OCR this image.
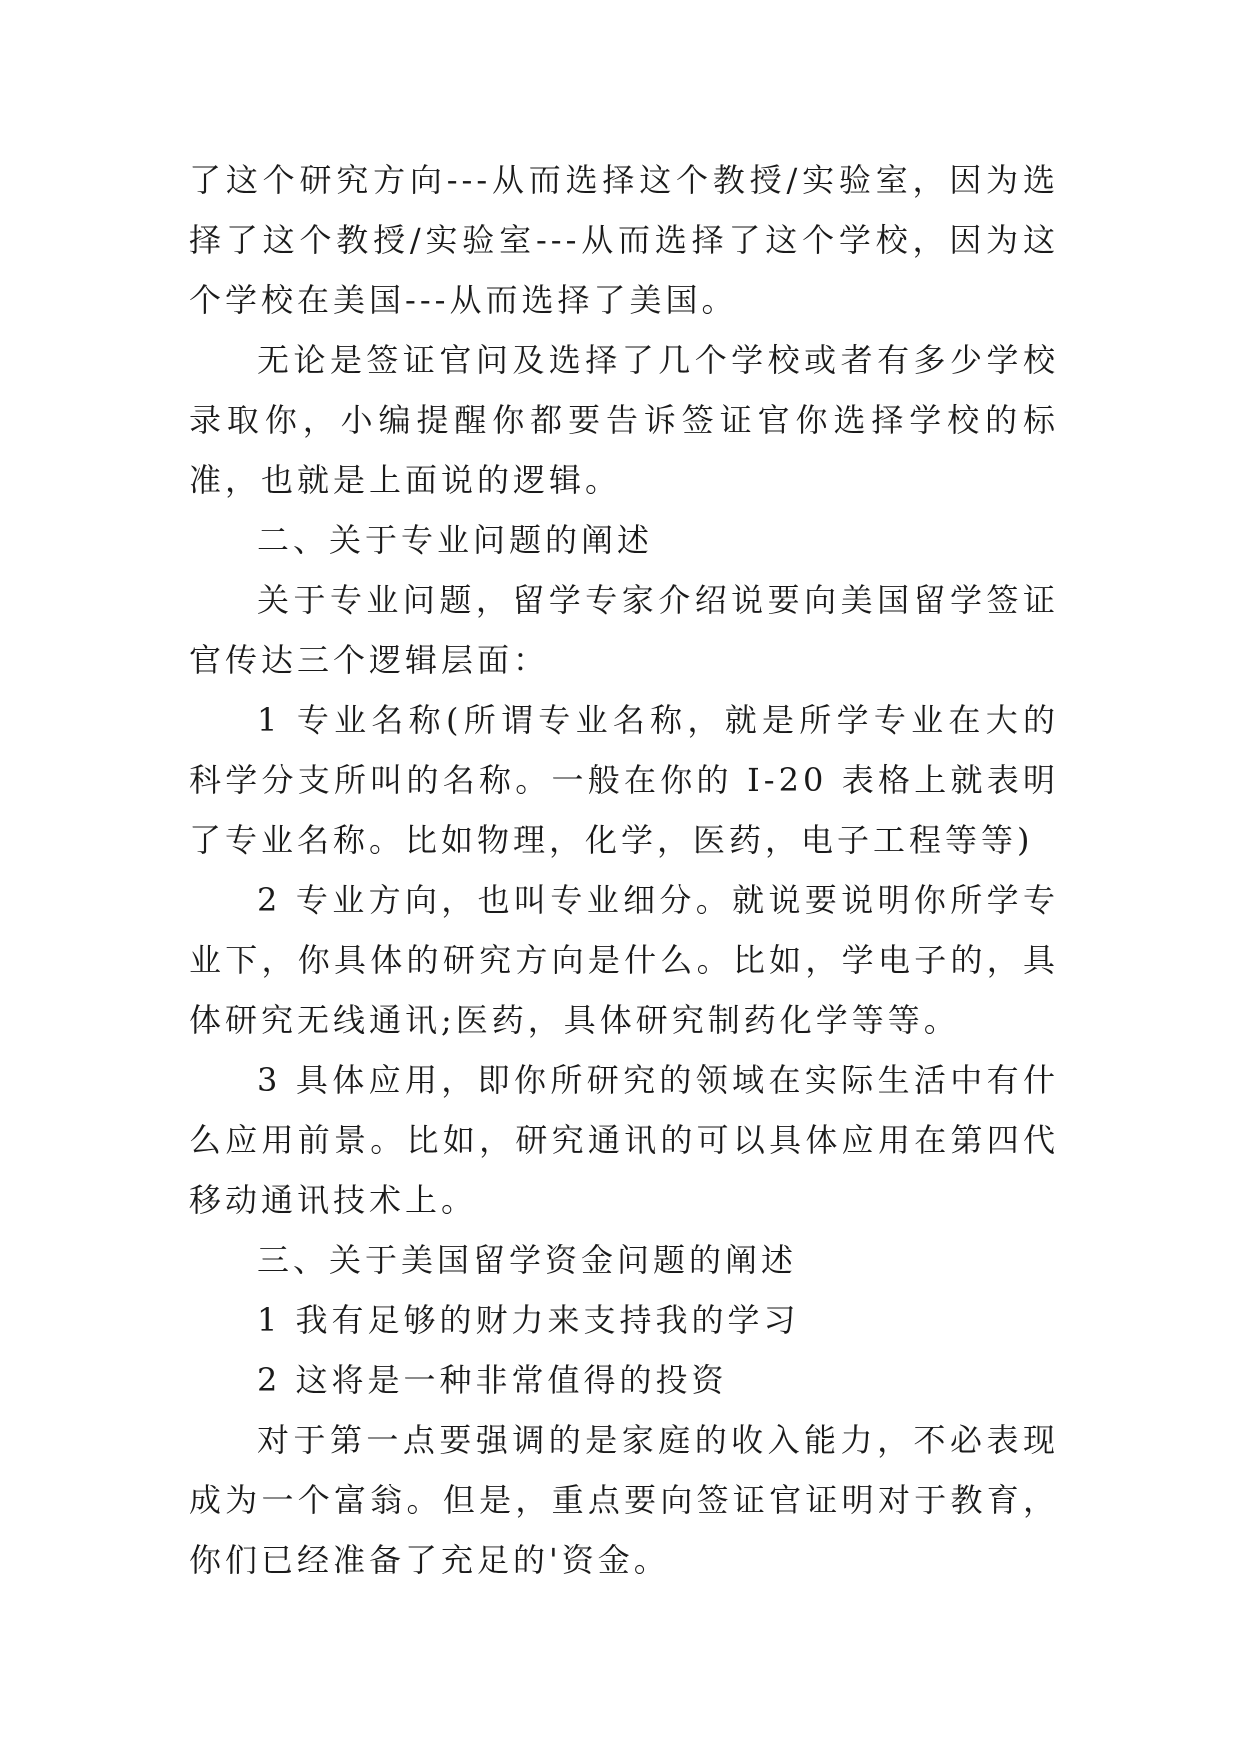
了这个研究方向---从而选择这个教授/实验室，因为选择了这个教授/实验室---从而选择了这个学校，因为这个学校在美国---从而选择了美国。

无论是签证官问及选择了几个学校或者有多少学校录取你，小编提醒你都要告诉签证官你选择学校的标准，也就是上面说的逻辑。

二、关于专业问题的阐述

关于专业问题，留学专家介绍说要向美国留学签证官传达三个逻辑层面：

1 专业名称(所谓专业名称，就是所学专业在大的科学分支所叫的名称。一般在你的 I-20 表格上就表明了专业名称。比如物理，化学，医药，电子工程等等)

2 专业方向，也叫专业细分。就说要说明你所学专业下，你具体的研究方向是什么。比如，学电子的，具体研究无线通讯;医药，具体研究制药化学等等。

3 具体应用，即你所研究的领域在实际生活中有什么应用前景。比如，研究通讯的可以具体应用在第四代移动通讯技术上。

三、关于美国留学资金问题的阐述

1 我有足够的财力来支持我的学习

2 这将是一种非常值得的投资

对于第一点要强调的是家庭的收入能力，不必表现成为一个富翁。但是，重点要向签证官证明对于教育，你们已经准备了充足的'资金。
